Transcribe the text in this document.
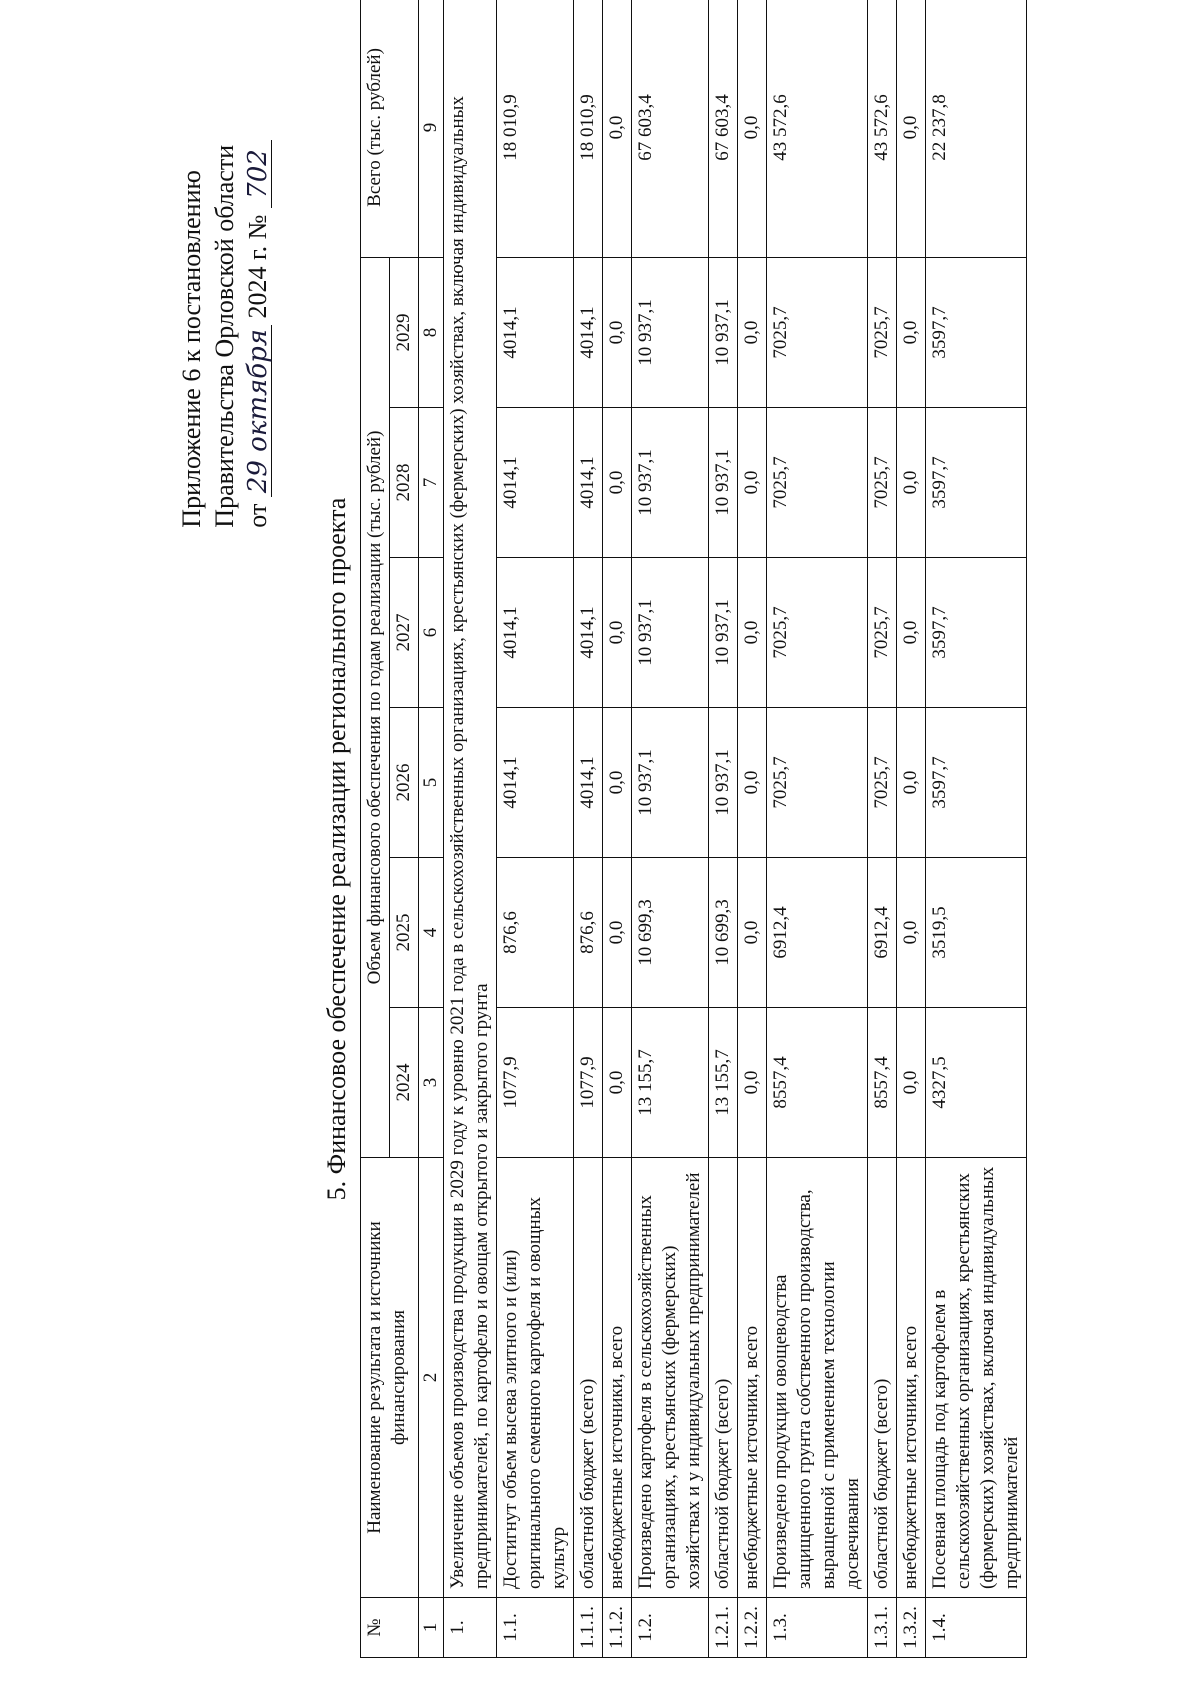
Приложение 6 к постановлению Правительства Орловской области от 29 октября 2024 г. № 702
5. Финансовое обеспечение реализации регионального проекта
№	Наименование результата и источники финансирования	Объем финансового обеспечения по годам реализации (тыс. рублей)						Всего (тыс. рублей)
		2024	2025	2026	2027	2028	2029	
1	2	3	4	5	6	7	8	9
1.	Увеличение объемов производства продукции в 2029 году к уровню 2021 года в сельскохозяйственных организациях, крестьянских (фермерских) хозяйствах, включая индивидуальных предпринимателей, по картофелю и овощам открытого и закрытого грунта							
1.1.	Достигнут объем высева элитного и (или) оригинального семенного картофеля и овощных культур	1077,9	876,6	4014,1	4014,1	4014,1	4014,1	18 010,9
1.1.1.	областной бюджет (всего)	1077,9	876,6	4014,1	4014,1	4014,1	4014,1	18 010,9
1.1.2.	внебюджетные источники, всего	0,0	0,0	0,0	0,0	0,0	0,0	0,0
1.2.	Произведено картофеля в сельскохозяйственных организациях, крестьянских (фермерских) хозяйствах и у индивидуальных предпринимателей	13 155,7	10 699,3	10 937,1	10 937,1	10 937,1	10 937,1	67 603,4
1.2.1.	областной бюджет (всего)	13 155,7	10 699,3	10 937,1	10 937,1	10 937,1	10 937,1	67 603,4
1.2.2.	внебюджетные источники, всего	0,0	0,0	0,0	0,0	0,0	0,0	0,0
1.3.	Произведено продукции овощеводства защищенного грунта собственного производства, выращенной с применением технологии досвечивания	8557,4	6912,4	7025,7	7025,7	7025,7	7025,7	43 572,6
1.3.1.	областной бюджет (всего)	8557,4	6912,4	7025,7	7025,7	7025,7	7025,7	43 572,6
1.3.2.	внебюджетные источники, всего	0,0	0,0	0,0	0,0	0,0	0,0	0,0
1.4.	Посевная площадь под картофелем в сельскохозяйственных организациях, крестьянских (фермерских) хозяйствах, включая индивидуальных предпринимателей	4327,5	3519,5	3597,7	3597,7	3597,7	3597,7	22 237,8
